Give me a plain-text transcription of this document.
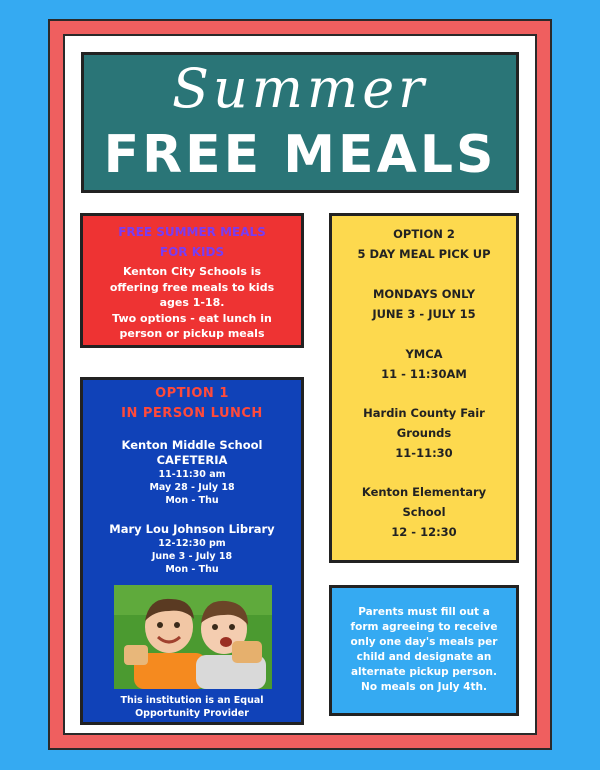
Summer
FREE MEALS
FREE SUMMER MEALS
FOR KIDS
Kenton City Schools is
offering free meals to kids
ages 1-18.
Two options - eat lunch in
person or pickup meals
OPTION 1
IN PERSON LUNCH
Kenton Middle School
CAFETERIA
11-11:30 am
May 28 - July 18
Mon - Thu
Mary Lou Johnson Library
12-12:30 pm
June 3 - July 18
Mon - Thu
This institution is an Equal
Opportunity Provider
OPTION 2
5 DAY MEAL PICK UP
MONDAYS ONLY
JUNE 3 - JULY 15
YMCA
11 - 11:30AM
Hardin County Fair
Grounds
11-11:30
Kenton Elementary
School
12 - 12:30
Parents must fill out a
form agreeing to receive
only one day's meals per
child and designate an
alternate pickup person.
No meals on July 4th.
